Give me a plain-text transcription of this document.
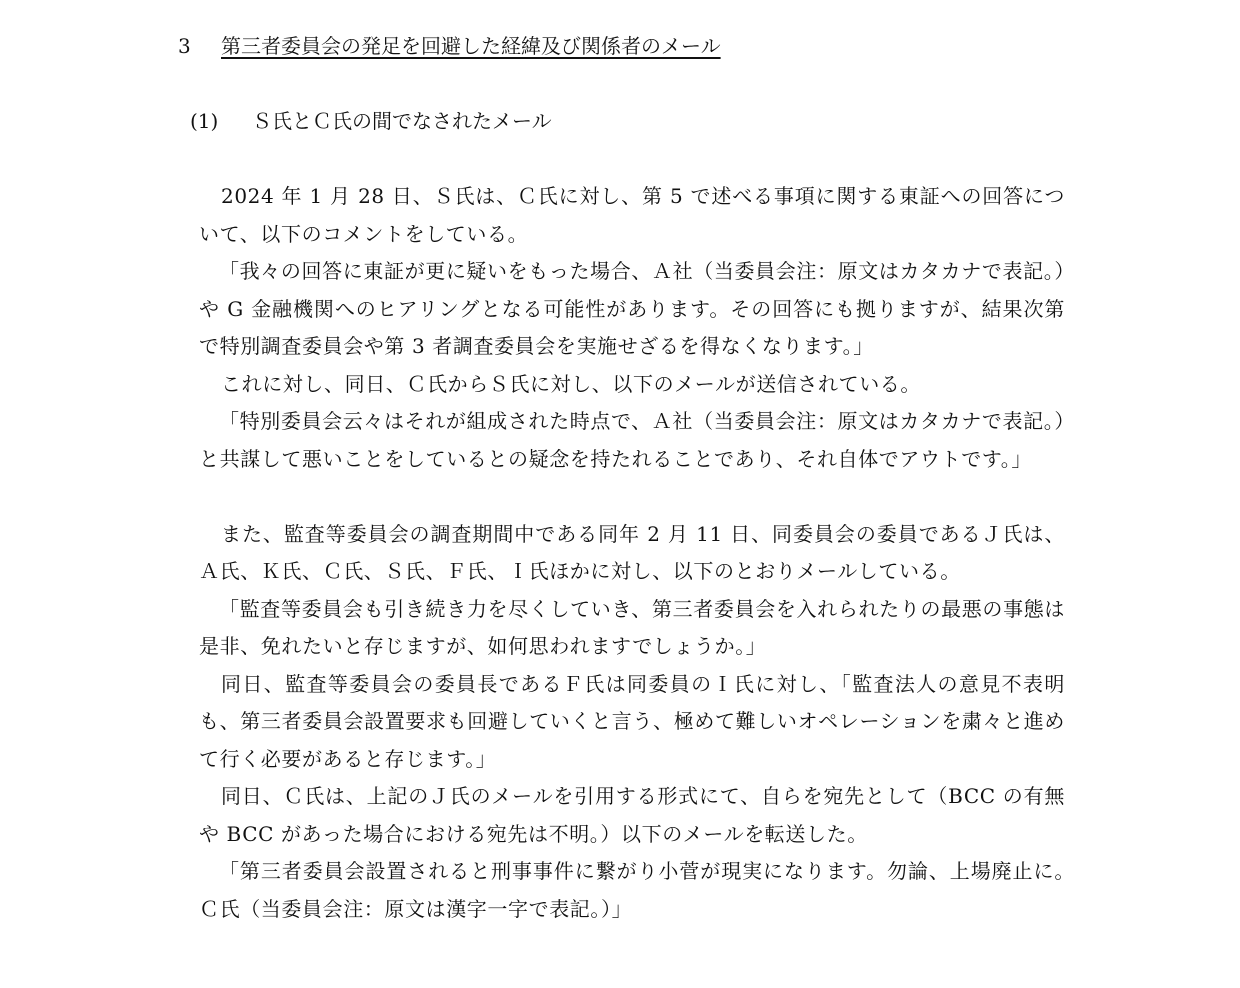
3 第三者委員会の発足を回避した経緯及び関係者のメール
(1) Ｓ氏とＣ氏の間でなされたメール

2024 年 1 月 28 日、Ｓ氏は、Ｃ氏に対し、第 5 で述べる事項に関する東証への回答について、以下のコメントをしている。

「我々の回答に東証が更に疑いをもった場合、Ａ社（当委員会注：原文はカタカナで表記。）や G 金融機関へのヒアリングとなる可能性があります。その回答にも拠りますが、結果次第で特別調査委員会や第 3 者調査委員会を実施せざるを得なくなります。」

これに対し、同日、Ｃ氏からＳ氏に対し、以下のメールが送信されている。

「特別委員会云々はそれが組成された時点で、Ａ社（当委員会注：原文はカタカナで表記。）と共謀して悪いことをしているとの疑念を持たれることであり、それ自体でアウトです。」

また、監査等委員会の調査期間中である同年 2 月 11 日、同委員会の委員であるＪ氏は、Ａ氏、Ｋ氏、Ｃ氏、Ｓ氏、Ｆ氏、Ｉ氏ほかに対し、以下のとおりメールしている。

「監査等委員会も引き続き力を尽くしていき、第三者委員会を入れられたりの最悪の事態は是非、免れたいと存じますが、如何思われますでしょうか。」

同日、監査等委員会の委員長であるＦ氏は同委員のＩ氏に対し、「監査法人の意見不表明も、第三者委員会設置要求も回避していくと言う、極めて難しいオペレーションを粛々と進めて行く必要があると存じます。」

同日、Ｃ氏は、上記のＪ氏のメールを引用する形式にて、自らを宛先として（BCC の有無や BCC があった場合における宛先は不明。）以下のメールを転送した。

「第三者委員会設置されると刑事事件に繋がり小菅が現実になります。勿論、上場廃止に。　Ｃ氏（当委員会注：原文は漢字一字で表記。）」
